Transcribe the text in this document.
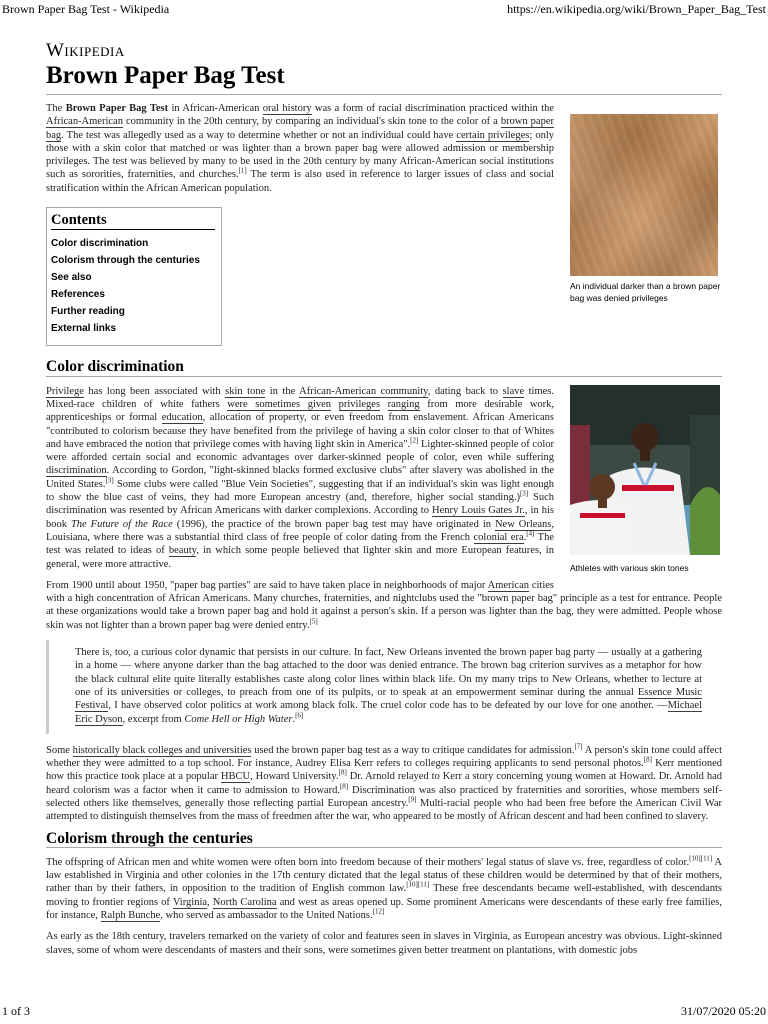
Brown Paper Bag Test - Wikipedia	https://en.wikipedia.org/wiki/Brown_Paper_Bag_Test
Wikipedia
Brown Paper Bag Test
An individual darker than a brown paper bag was denied privileges

The Brown Paper Bag Test in African-American oral history was a form of racial discrimination practiced within the African-American community in the 20th century, by comparing an individual's skin tone to the color of a brown paper bag. The test was allegedly used as a way to determine whether or not an individual could have certain privileges; only those with a skin color that matched or was lighter than a brown paper bag were allowed admission or membership privileges. The test was believed by many to be used in the 20th century by many African-American social institutions such as sororities, fraternities, and churches.[1] The term is also used in reference to larger issues of class and social stratification within the African American population.

Contents
Color discrimination
Colorism through the centuries
See also
References
Further reading
External links
Color discrimination
Athletes with various skin tones

Privilege has long been associated with skin tone in the African-American community, dating back to slave times. Mixed-race children of white fathers were sometimes given privileges ranging from more desirable work, apprenticeships or formal education, allocation of property, or even freedom from enslavement. African Americans "contributed to colorism because they have benefited from the privilege of having a skin color closer to that of Whites and have embraced the notion that privilege comes with having light skin in America".[2] Lighter-skinned people of color were afforded certain social and economic advantages over darker-skinned people of color, even while suffering discrimination. According to Gordon, "light-skinned blacks formed exclusive clubs" after slavery was abolished in the United States.[3] Some clubs were called "Blue Vein Societies", suggesting that if an individual's skin was light enough to show the blue cast of veins, they had more European ancestry (and, therefore, higher social standing.)[3] Such discrimination was resented by African Americans with darker complexions. According to Henry Louis Gates Jr., in his book The Future of the Race (1996), the practice of the brown paper bag test may have originated in New Orleans, Louisiana, where there was a substantial third class of free people of color dating from the French colonial era.[4] The test was related to ideas of beauty, in which some people believed that lighter skin and more European features, in general, were more attractive.

From 1900 until about 1950, "paper bag parties" are said to have taken place in neighborhoods of major American cities with a high concentration of African Americans. Many churches, fraternities, and nightclubs used the "brown paper bag" principle as a test for entrance. People at these organizations would take a brown paper bag and hold it against a person's skin. If a person was lighter than the bag, they were admitted. People whose skin was not lighter than a brown paper bag were denied entry.[5]

There is, too, a curious color dynamic that persists in our culture. In fact, New Orleans invented the brown paper bag party — usually at a gathering in a home — where anyone darker than the bag attached to the door was denied entrance. The brown bag criterion survives as a metaphor for how the black cultural elite quite literally establishes caste along color lines within black life. On my many trips to New Orleans, whether to lecture at one of its universities or colleges, to preach from one of its pulpits, or to speak at an empowerment seminar during the annual Essence Music Festival, I have observed color politics at work among black folk. The cruel color code has to be defeated by our love for one another. —Michael Eric Dyson, excerpt from Come Hell or High Water.[6]

Some historically black colleges and universities used the brown paper bag test as a way to critique candidates for admission.[7] A person's skin tone could affect whether they were admitted to a top school. For instance, Audrey Elisa Kerr refers to colleges requiring applicants to send personal photos.[8] Kerr mentioned how this practice took place at a popular HBCU, Howard University.[8] Dr. Arnold relayed to Kerr a story concerning young women at Howard. Dr. Arnold had heard colorism was a factor when it came to admission to Howard.[8] Discrimination was also practiced by fraternities and sororities, whose members self-selected others like themselves, generally those reflecting partial European ancestry.[9] Multi-racial people who had been free before the American Civil War attempted to distinguish themselves from the mass of freedmen after the war, who appeared to be mostly of African descent and had been confined to slavery.

Colorism through the centuries

The offspring of African men and white women were often born into freedom because of their mothers' legal status of slave vs. free, regardless of color.[10][11] A law established in Virginia and other colonies in the 17th century dictated that the legal status of these children would be determined by that of their mothers, rather than by their fathers, in opposition to the tradition of English common law.[10][11] These free descendants became well-established, with descendants moving to frontier regions of Virginia, North Carolina and west as areas opened up. Some prominent Americans were descendants of these early free families, for instance, Ralph Bunche, who served as ambassador to the United Nations.[12]

As early as the 18th century, travelers remarked on the variety of color and features seen in slaves in Virginia, as European ancestry was obvious. Light-skinned slaves, some of whom were descendants of masters and their sons, were sometimes given better treatment on plantations, with domestic jobs

1 of 3	31/07/2020 05:20
